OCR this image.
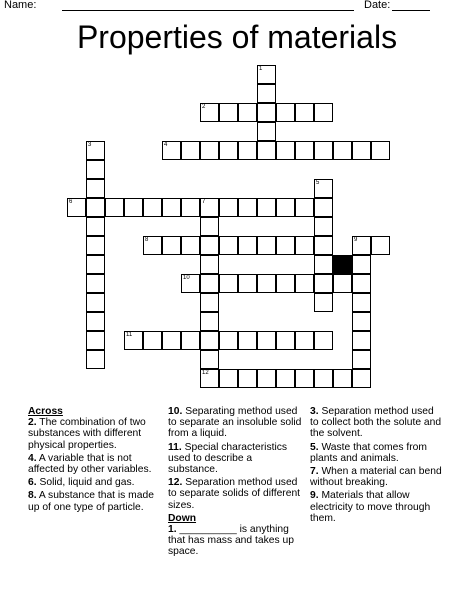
Name:	Date:
Properties of materials
1
2
3	4
5
6	7
8	9
10
11
12
Across
2. The combination of two substances with different physical properties.
4. A variable that is not affected by other variables.
6. Solid, liquid and gas.
8. A substance that is made up of one type of particle.
10. Separating method used to separate an insoluble solid from a liquid.
11. Special characteristics used to describe a substance.
12. Separation method used to separate solids of different sizes.
Down
1. __________ is anything that has mass and takes up space.
3. Separation method used to collect both the solute and the solvent.
5. Waste that comes from plants and animals.
7. When a material can bend without breaking.
9. Materials that allow electricity to move through them.
